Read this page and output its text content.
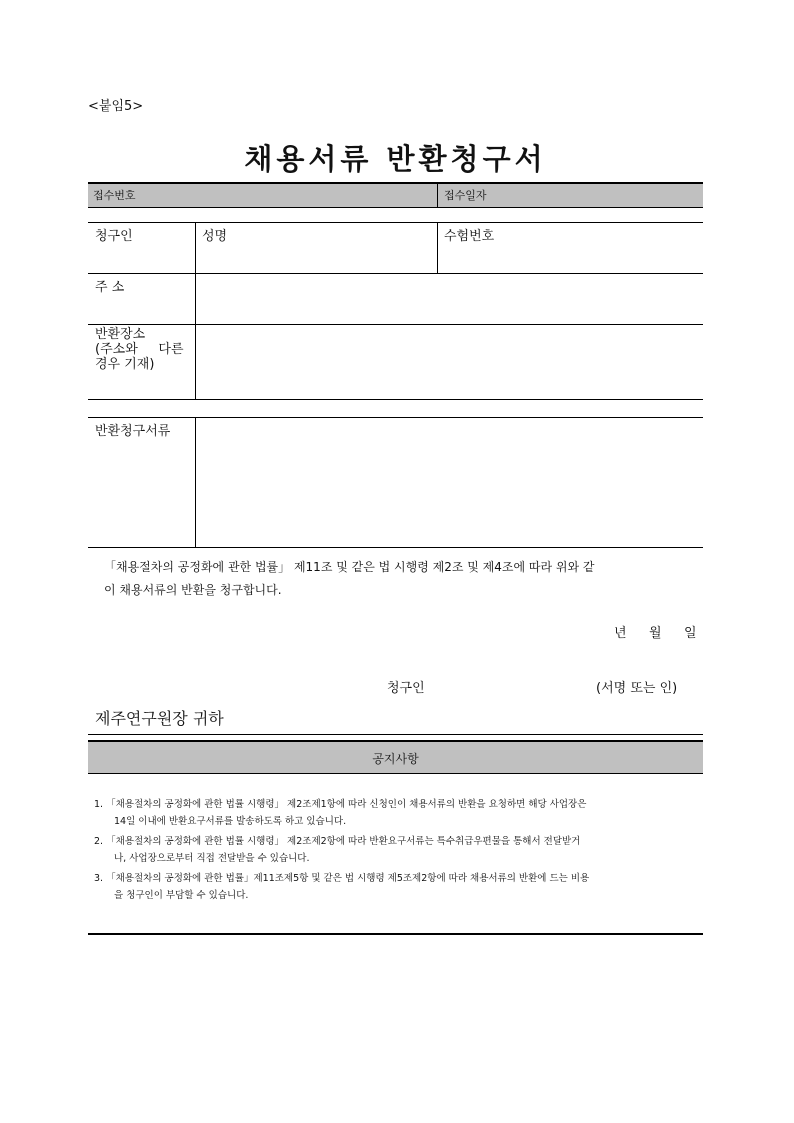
<붙임5>
채용서류 반환청구서
접수번호	접수일자
청구인	성명	수험번호
주 소
반환장소
(주소와     다른
경우 기재)
반환청구서류
「채용절차의 공정화에 관한 법률」 제11조 및 같은 법 시행령 제2조 및 제4조에 따라 위와 같
이 채용서류의 반환을 청구합니다.
년 월 일
청구인	(서명 또는 인)
제주연구원장 귀하
공지사항
1. 「채용절차의 공정화에 관한 법률 시행령」 제2조제1항에 따라 신청인이 채용서류의 반환을 요청하면 해당 사업장은
14일 이내에 반환요구서류를 발송하도록 하고 있습니다.
2. 「채용절차의 공정화에 관한 법률 시행령」 제2조제2항에 따라 반환요구서류는 특수취급우편물을 통해서 전달받거
나, 사업장으로부터 직접 전달받을 수 있습니다.
3. 「채용절차의 공정화에 관한 법률」제11조제5항 및 같은 법 시행령 제5조제2항에 따라 채용서류의 반환에 드는 비용
을 청구인이 부담할 수 있습니다.
